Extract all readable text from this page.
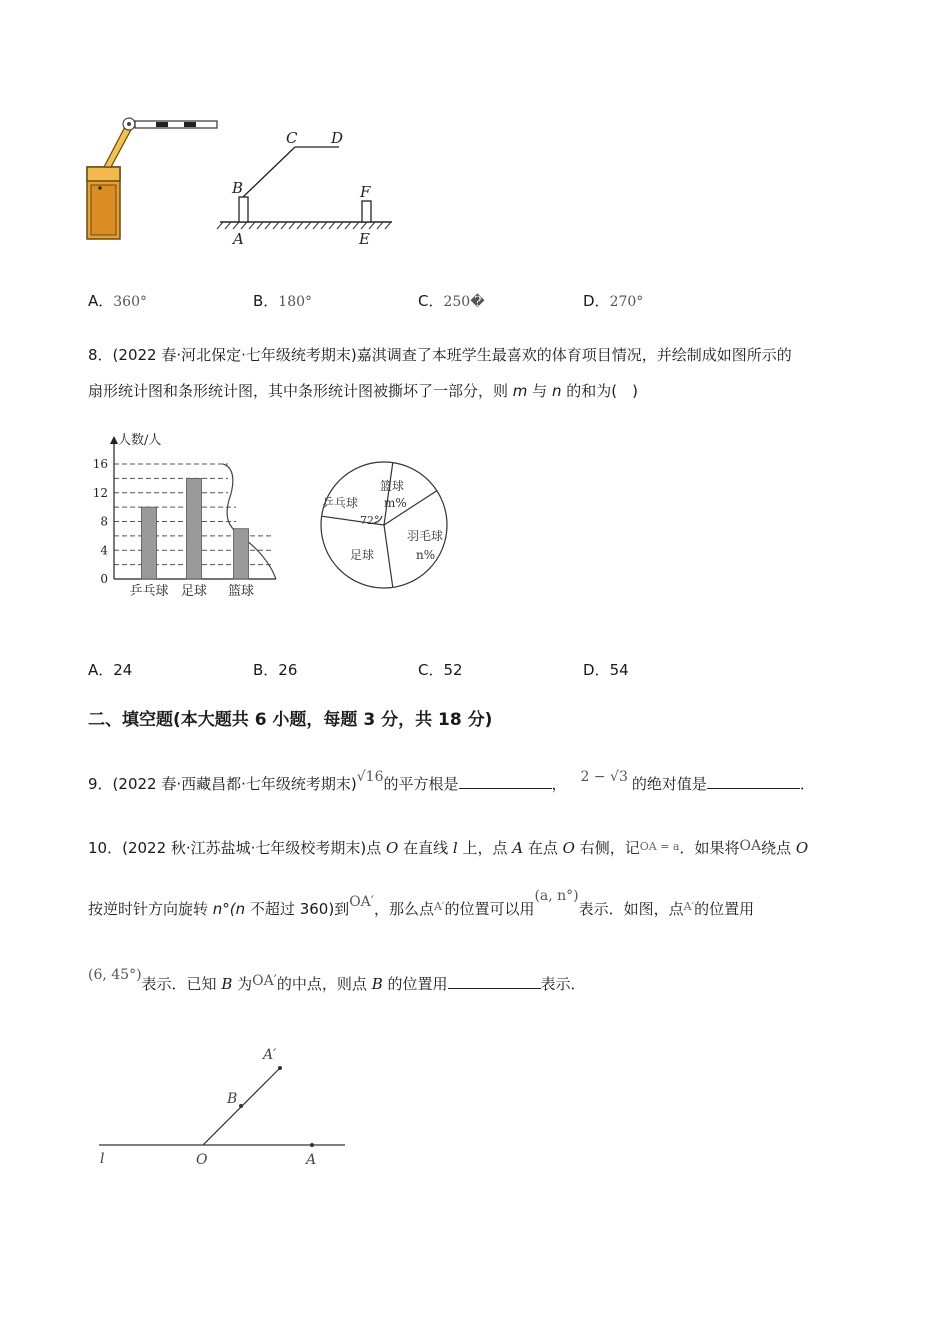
B
C D
A	E
F
A．360°	B．180°	C．250�	D．270°
8．(2022 春·河北保定·七年级统考期末)嘉淇调查了本班学生最喜欢的体育项目情况，并绘制成如图所示的
扇形统计图和条形统计图，其中条形统计图被撕坏了一部分，则 m 与 n 的和为(　)
人数/人
0
4
8
12
16
乒乓球 足球 篮球
乒乓球
72°
篮球
m%
羽毛球
n%
足球
A．24	B．26	C．52	D．54
二、填空题(本大题共 6 小题，每题 3 分，共 18 分)
9．(2022 春·西藏昌都·七年级统考期末)√16的平方根是	， 2 − √3 的绝对值是	．
10．(2022 秋·江苏盐城·七年级校考期末)点 O 在直线 l 上，点 A 在点 O 右侧，记$^{OA = a}$．如果将OA绕点 O
按逆时针方向旋转 n°(n 不超过 360)到OA′，那么点$^{A'}$的位置可以用(a, n°)表示．如图，点$^{A'}$的位置用
(6, 45°)表示．已知 B 为OA′的中点，则点 B 的位置用	表示．
A′
B
l	O	A
